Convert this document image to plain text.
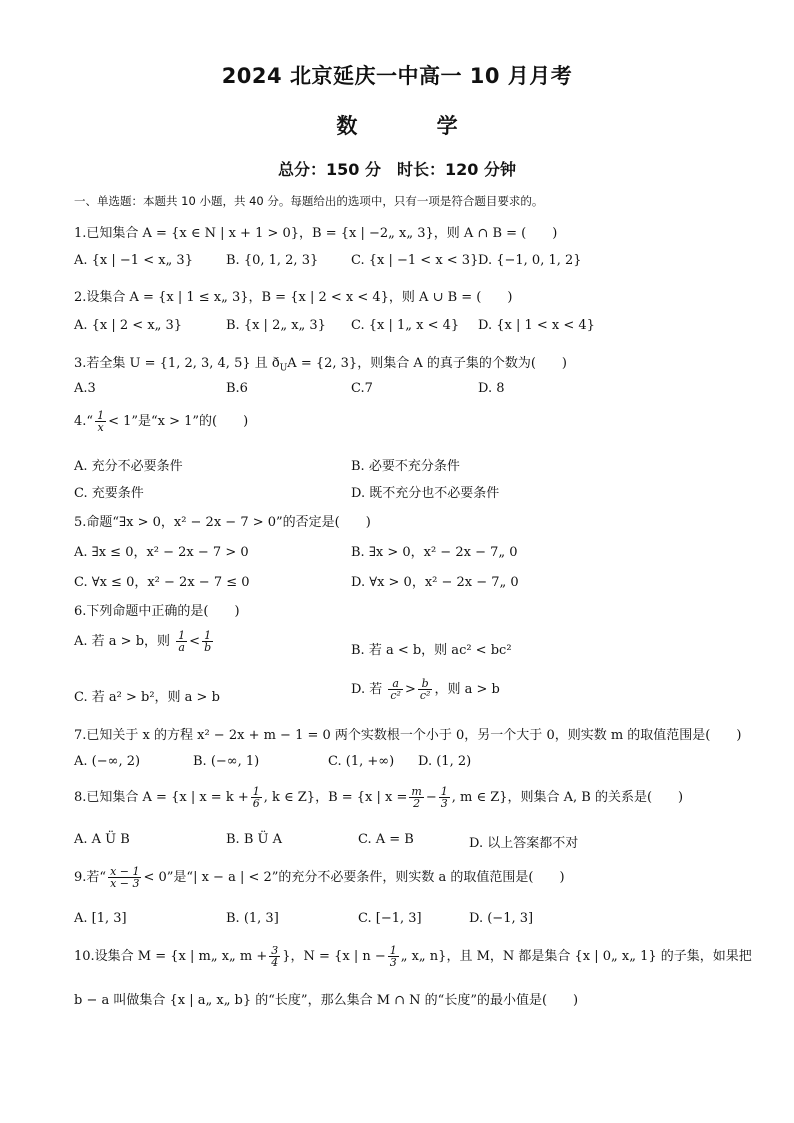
2024 北京延庆一中高一 10 月月考
数 学
总分：150 分　时长：120 分钟
一、单选题：本题共 10 小题，共 40 分。每题给出的选项中，只有一项是符合题目要求的。
1.已知集合 A = {x ∈ N | x + 1 > 0}，B = {x | −2„ x„ 3}，则 A ∩ B = (　　)
A. {x | −1 < x„ 3}	B. {0, 1, 2, 3}	C. {x | −1 < x < 3} D. {−1, 0, 1, 2}
2.设集合 A = {x | 1 ≤ x„ 3}，B = {x | 2 < x < 4}，则 A ∪ B = (　　)
A. {x | 2 < x„ 3}	B. {x | 2„ x„ 3} C. {x | 1„ x < 4} D. {x | 1 < x < 4}
3.若全集 U = {1, 2, 3, 4, 5} 且 $ð_UA = \{2$, 3}，则集合 A 的真子集的个数为(　　)
A.3	B.6	C.7	D. 8
4.“ $\frac{1}{x} < 1$”是“x > 1”的(　　)
A. 充分不必要条件	B. 必要不充分条件
C. 充要条件	D. 既不充分也不必要条件
5.命题“∃x > 0，x² − 2x − 7 > 0”的否定是(　　)
A. ∃x ≤ 0，x² − 2x − 7 > 0	B. ∃x > 0，x² − 2x − 7„ 0
C. ∀x ≤ 0，x² − 2x − 7 ≤ 0	D. ∀x > 0，x² − 2x − 7„ 0
6.下列命题中正确的是(　　)
A. 若 a > b，则 $\frac{1}{a} < \frac{1}{b}$	B. 若 a < b，则 ac² < bc²
C. 若 a² > b²，则 a > b
D. 若 $\frac{a}{\text{c²}} > \frac{b}{\text{c²}}$ ，则 a > b
7.已知关于 x 的方程 x² − 2x + m − 1 = 0 两个实数根一个小于 0，另一个大于 0，则实数 m 的取值范围是(　　)
A. (−∞, 2)	B. (−∞, 1)	C. (1, +∞) D. (1, 2)
8.已知集合 A = {x | $x = k + \frac{1}{6}$ , k ∈ Z}，B = {x | $x = \frac{m}{2} - \frac{1}{3}$ , m ∈ Z}，则集合 A, B 的关系是(　　)
A. A Ü B	B. B Ü A	C. A = B	D. 以上答案都不对
9.若“ $\frac{x - 1}{x - 3} < 0$”是“| x − a | < 2”的充分不必要条件，则实数 a 的取值范围是(　　)
A. [1, 3]	B. (1, 3]	C. [−1, 3]	D. (−1, 3]
10.设集合 M = {x | m„ x„ $m + \frac{3}{4}$ }，N = {x | $n - \frac{1}{3}$ „ x„ n}，且 M，N 都是集合 {x | 0„ x„ 1} 的子集，如果把
b − a 叫做集合 {x | a„ x„ b} 的“长度”，那么集合 M ∩ N 的“长度”的最小值是(　　)
